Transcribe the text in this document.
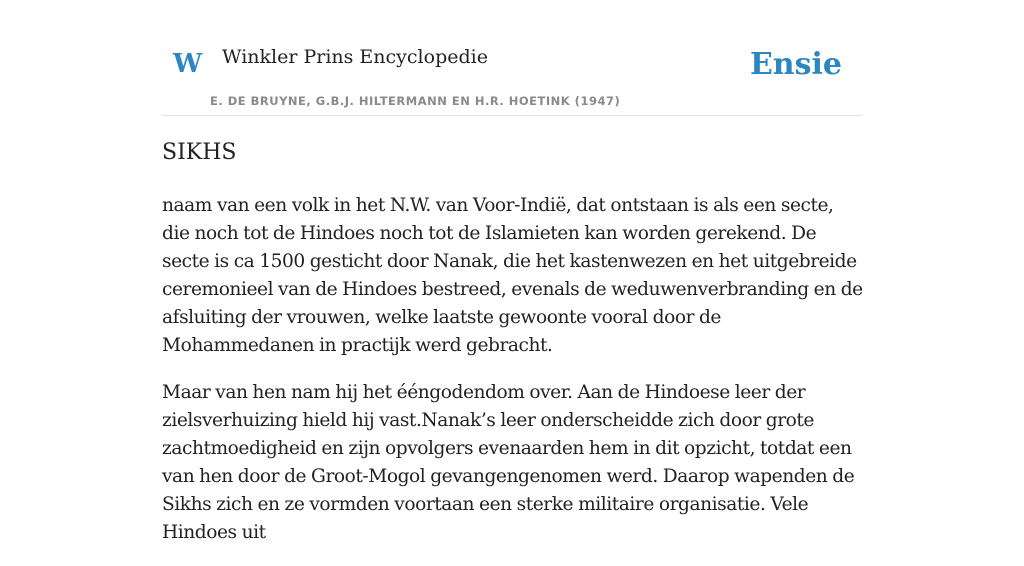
W Winkler Prins Encyclopedie
E. DE BRUYNE, G.B.J. HILTERMANN EN H.R. HOETINK (1947)
Ensie
SIKHS

naam van een volk in het N.W. van Voor-Indië, dat ontstaan is als een secte, die noch tot de Hindoes noch tot de Islamieten kan worden gerekend. De secte is ca 1500 gesticht door Nanak, die het kastenwezen en het uitgebreide ceremonieel van de Hindoes bestreed, evenals de weduwenverbranding en de afsluiting der vrouwen, welke laatste gewoonte vooral door de Mohammedanen in practijk werd gebracht.

Maar van hen nam hij het ééngodendom over. Aan de Hindoese leer der zielsverhuizing hield hij vast.Nanak’s leer onderscheidde zich door grote zachtmoedigheid en zijn opvolgers evenaarden hem in dit opzicht, totdat een van hen door de Groot-Mogol gevangengenomen werd. Daarop wapenden de Sikhs zich en ze vormden voortaan een sterke militaire organisatie. Vele Hindoes uit
